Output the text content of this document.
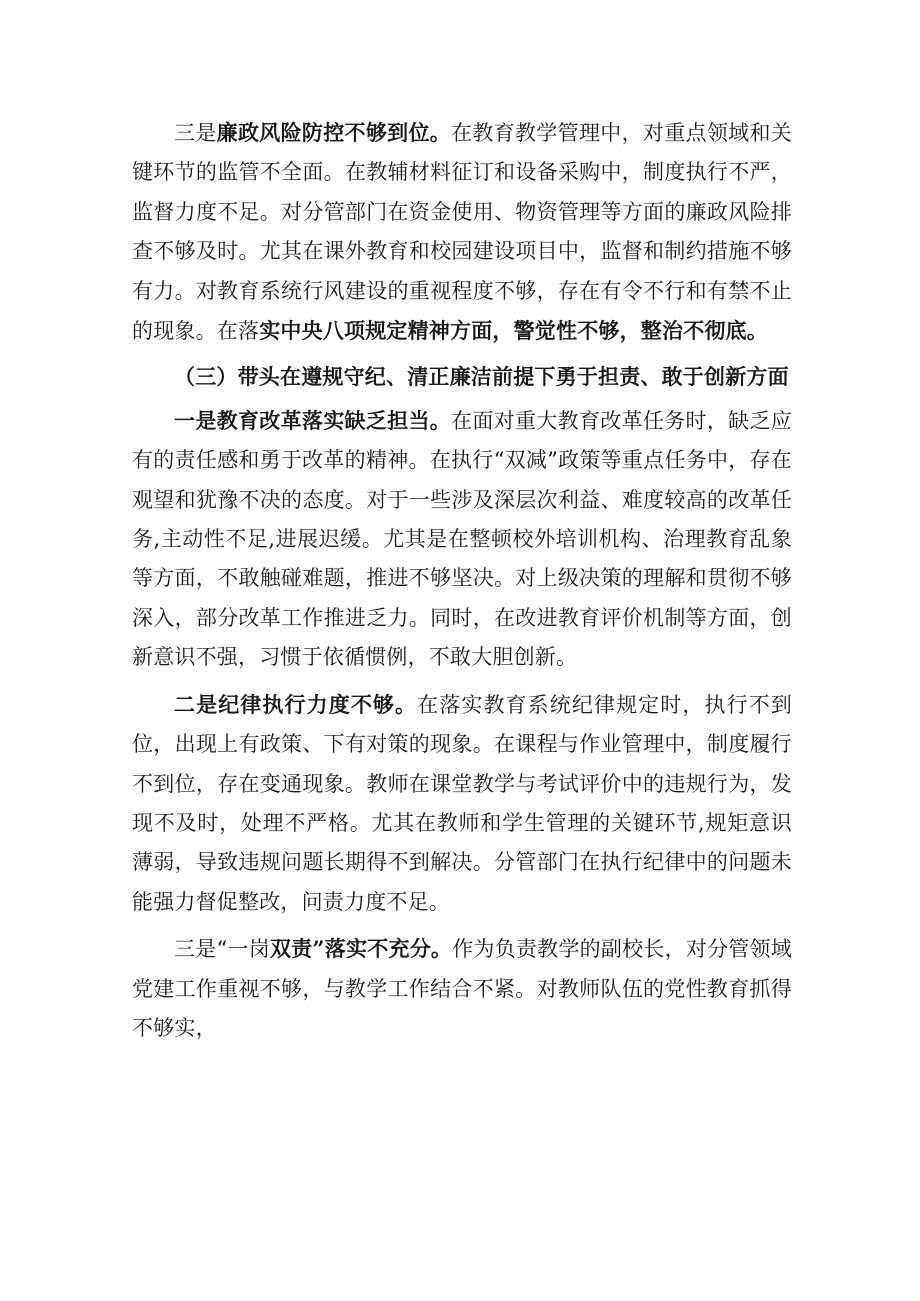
三是廉政风险防控不够到位。在教育教学管理中，对重点领域和关键环节的监管不全面。在教辅材料征订和设备采购中，制度执行不严，监督力度不足。对分管部门在资金使用、物资管理等方面的廉政风险排查不够及时。尤其在课外教育和校园建设项目中，监督和制约措施不够有力。对教育系统行风建设的重视程度不够，存在有令不行和有禁不止的现象。在落实中央八项规定精神方面，警觉性不够，整治不彻底。

（三）带头在遵规守纪、清正廉洁前提下勇于担责、敢于创新方面

一是教育改革落实缺乏担当。在面对重大教育改革任务时，缺乏应有的责任感和勇于改革的精神。在执行“双减”政策等重点任务中，存在观望和犹豫不决的态度。对于一些涉及深层次利益、难度较高的改革任务,主动性不足,进展迟缓。尤其是在整顿校外培训机构、治理教育乱象等方面，不敢触碰难题，推进不够坚决。对上级决策的理解和贯彻不够深入，部分改革工作推进乏力。同时，在改进教育评价机制等方面，创新意识不强，习惯于依循惯例，不敢大胆创新。

二是纪律执行力度不够。在落实教育系统纪律规定时，执行不到位，出现上有政策、下有对策的现象。在课程与作业管理中，制度履行不到位，存在变通现象。教师在课堂教学与考试评价中的违规行为，发现不及时，处理不严格。尤其在教师和学生管理的关键环节,规矩意识薄弱，导致违规问题长期得不到解决。分管部门在执行纪律中的问题未能强力督促整改，问责力度不足。

三是“一岗双责”落实不充分。作为负责教学的副校长，对分管领域党建工作重视不够，与教学工作结合不紧。对教师队伍的党性教育抓得不够实，
